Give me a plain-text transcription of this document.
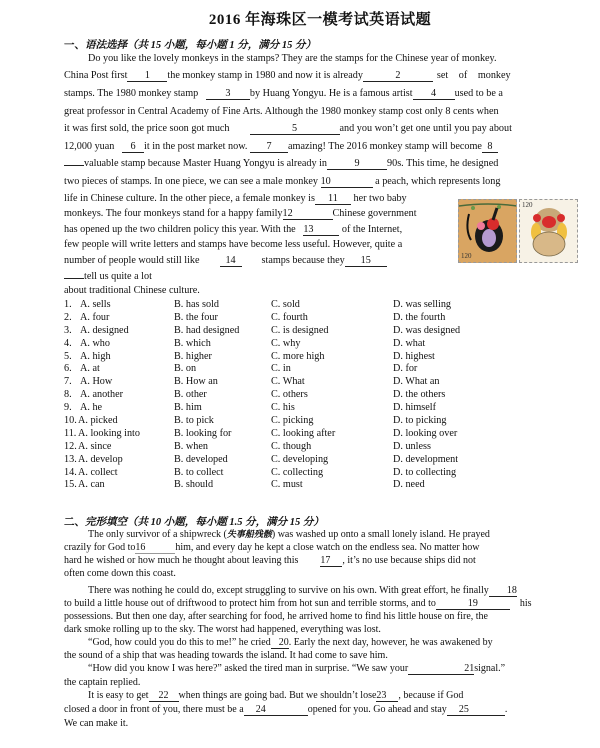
2016 年海珠区一模考试英语试题
一、语法选择（共 15 小题，每小题 1 分，满分 15 分）
Do you like the lovely monkeys in the stamps? They are the stamps for the Chinese year of monkey.
China Post first 1 the monkey stamp in 1980 and now it is already	2	set of monkey
stamps. The 1980 monkey stamp	3 by Huang Yongyu. He is a famous artist 4 used to be a
great professor in Central Academy of Fine Arts. Although the 1980 monkey stamp cost only 8 cents when
it was first sold, the price soon got much	5	and you won’t get one until you pay about
12,000 yuan 6 it in the post market now. 7 amazing! The 2016 monkey stamp will become 8
valuable stamp because Master Huang Yongyu is already in	9	90s. This time, he designed
two pieces of stamps. In one piece, we can see a male monkey 10	a peach, which represents long
life in Chinese culture. In the other piece, a female monkey is 11 her two baby
monkeys. The four monkeys stand for a happy family12	Chinese government
has opened up the two children policy this year. With the 13	of the Internet,
few people will write letters and stamps have become less useful. However, quite a
number of people would still like	14	stamps because they 15
tell us quite a lot
about traditional Chinese culture.
120
120
1. A. sells	B. has sold	C. sold	D. was selling
2. A. four	B. the four	C. fourth	D. the fourth
3. A. designed	B. had designed	C. is designed	D. was designed
4. A. who	B. which	C. why	D. what
5. A. high	B. higher	C. more high	D. highest
6. A. at	B. on	C. in	D. for
7. A. How	B. How an	C. What	D. What an
8. A. another	B. other	C. others	D. the others
9. A. he	B. him	C. his	D. himself
10. A. picked	B. to pick	C. picking	D. to picking
11. A. looking into	B. looking for	C. looking after	D. looking over
12. A. since	B. when	C. though	D. unless
13. A. develop	B. developed	C. developing	D. development
14. A. collect	B. to collect	C. collecting	D. to collecting
15. A. can	B. should	C. must	D. need
二、完形填空（共 10 小题，每小题 1.5 分，满分 15 分）
The only survivor of a shipwreck (失事船残骸) was washed up onto a small lonely island. He prayed
crazily for God to16	him, and every day he kept a close watch on the endless sea. No matter how
hard he wished or how much he thought about leaving this 17 , it’s no use because ships did not
often come down this coast.
There was nothing he could do, except struggling to survive on his own. With great effort, he finally 18
to build a little house out of driftwood to protect him from hot sun and terrible storms, and to	19	his
possessions. But then one day, after searching for food, he arrived home to find his little house on fire, the
dark smoke rolling up to the sky. The worst had happened, everything was lost.
“God, how could you do this to me!” he cried 20. Early the next day, however, he was awakened by
the sound of a ship that was heading towards the island. It had come to save him.
“How did you know I was here?” asked the tired man in surprise. “We saw your	21signal.”
the captain replied.
It is easy to get 22 when things are going bad. But we shouldn’t lose23 , because if God
closed a door in front of you, there must be a 24	opened for you. Go ahead and stay 25	.
We can make it.
